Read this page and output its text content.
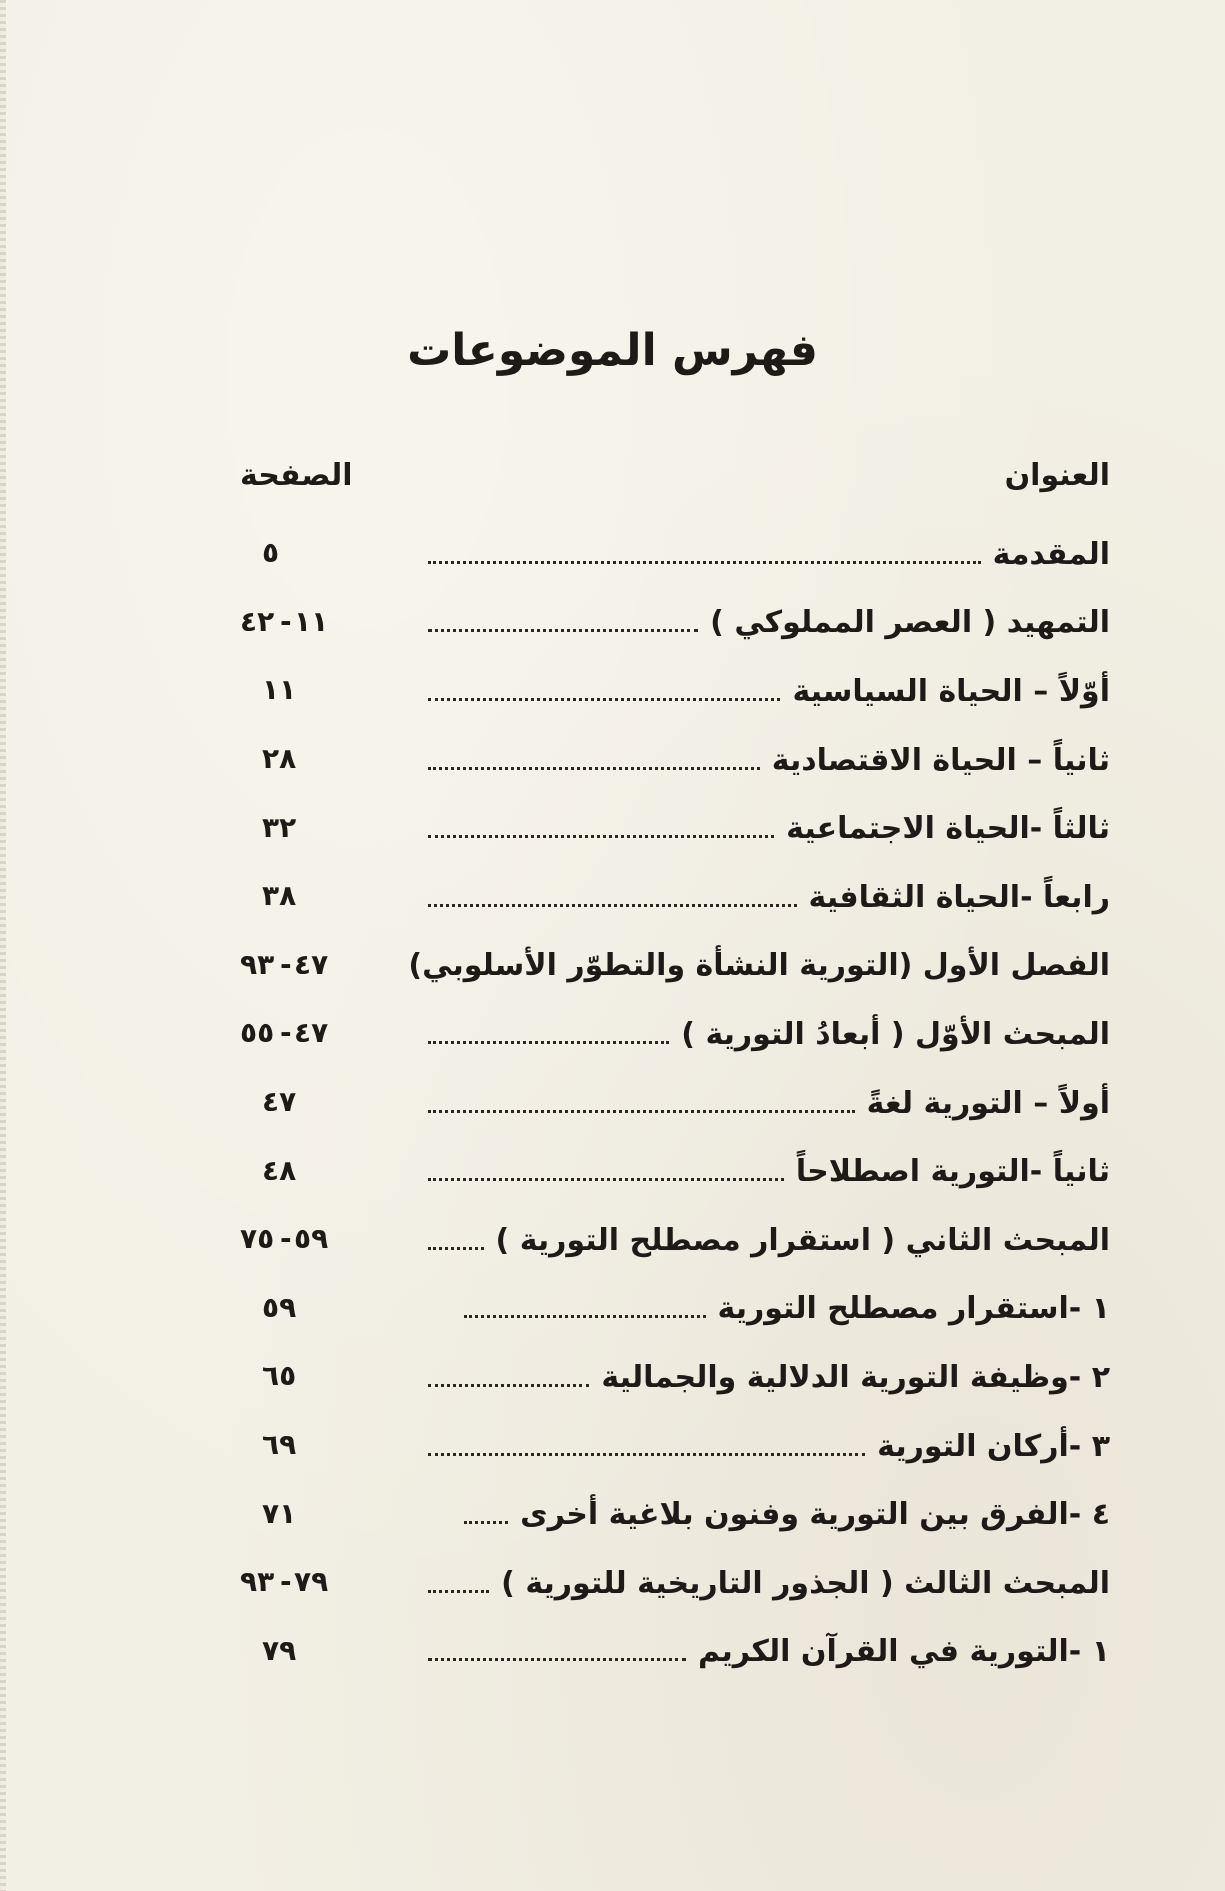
فهرس الموضوعات
العنوان
الصفحة
المقدمة
٥
التمهيد ( العصر المملوكي )
١١
-
٤٢
أوّلاً – الحياة السياسية
١١
ثانياً – الحياة الاقتصادية
٢٨
ثالثاً -الحياة الاجتماعية
٣٢
رابعاً -الحياة الثقافية
٣٨
الفصل الأول (التورية النشأة والتطوّر الأسلوبي)
٤٧
-
٩٣
المبحث الأوّل ( أبعادُ التورية )
٤٧
-
٥٥
أولاً – التورية لغةً
٤٧
ثانياً -التورية اصطلاحاً
٤٨
المبحث الثاني ( استقرار مصطلح التورية )
٥٩
-
٧٥
١ -استقرار مصطلح التورية
٥٩
٢ -وظيفة التورية الدلالية والجمالية
٦٥
٣ -أركان التورية
٦٩
٤ -الفرق بين التورية وفنون بلاغية أخرى
٧١
المبحث الثالث ( الجذور التاريخية للتورية )
٧٩
-
٩٣
١ -التورية في القرآن الكريم
٧٩
